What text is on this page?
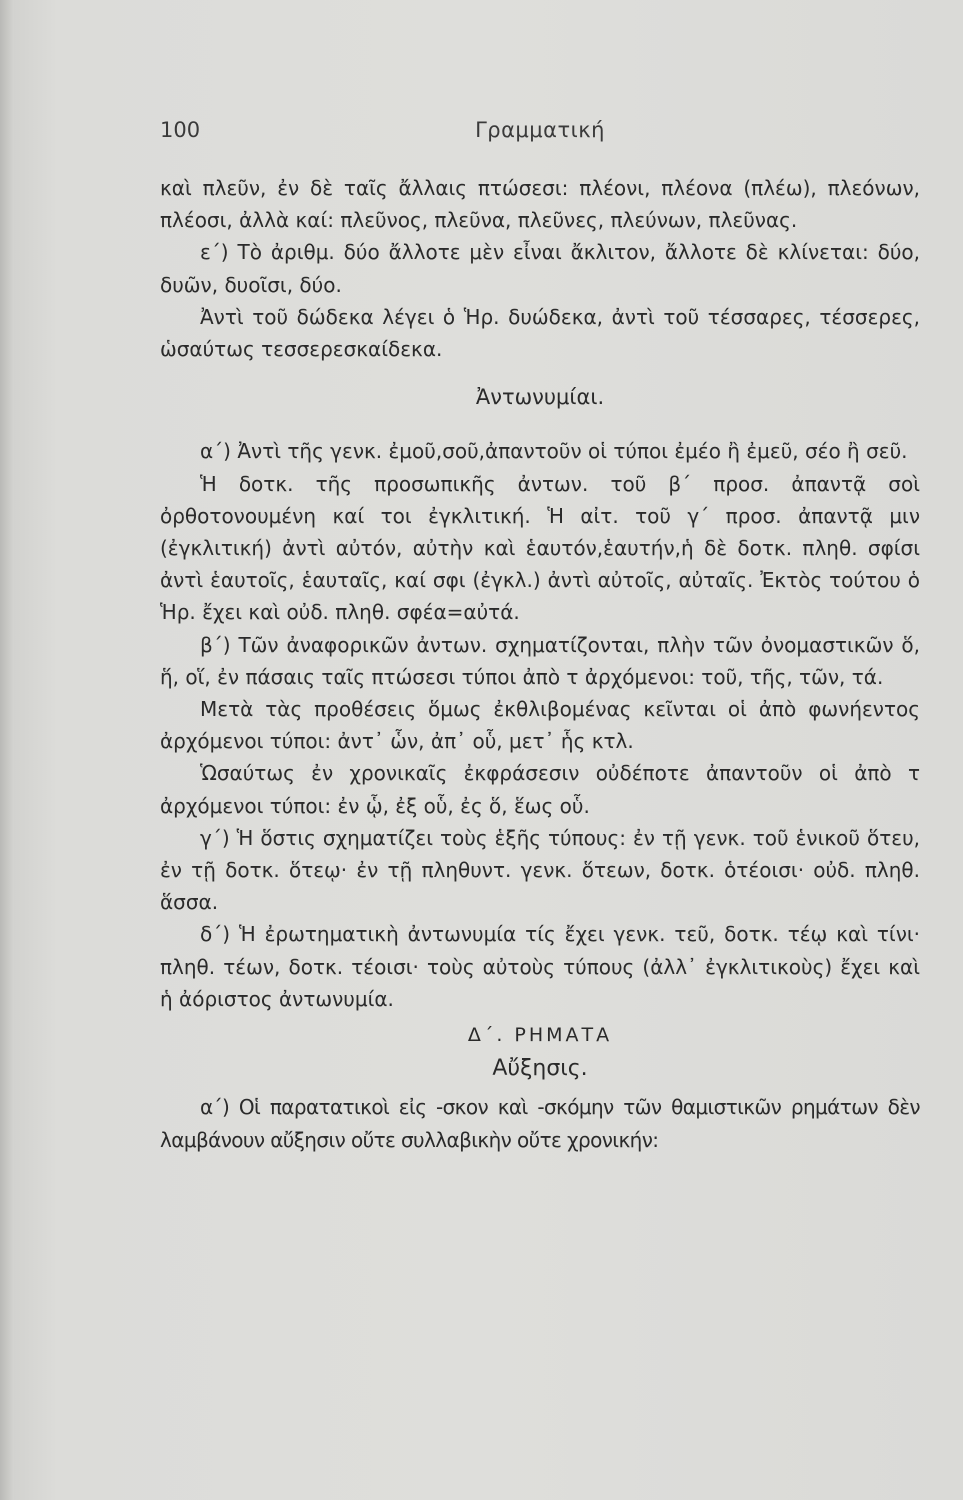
100	Γραμματική

καὶ πλεῦν, ἐν δὲ ταῖς ἄλλαις πτώσεσι: πλέονι, πλέονα (πλέω), πλεόνων, πλέοσι, ἀλλὰ καί: πλεῦνος, πλεῦνα, πλεῦνες, πλεύνων, πλεῦνας.

ε΄) Τὸ ἀριθμ. δύο ἄλλοτε μὲν εἶναι ἄκλιτον, ἄλλοτε δὲ κλίνεται: δύο, δυῶν, δυοῖσι, δύο.

Ἀντὶ τοῦ δώδεκα λέγει ὁ Ἡρ. δυώδεκα, ἀντὶ τοῦ τέσσαρες, τέσσερες, ὡσαύτως τεσσερεσκαίδεκα.

Ἀντωνυμίαι.

α΄) Ἀντὶ τῆς γενκ. ἐμοῦ,σοῦ,ἀπαντοῦν οἱ τύποι ἐμέο ἢ ἐμεῦ, σέο ἢ σεῦ.

Ἡ δοτκ. τῆς προσωπικῆς ἀντων. τοῦ β΄ προσ. ἀπαντᾷ σοὶ ὀρθοτονουμένη καί τοι ἐγκλιτική. Ἡ αἰτ. τοῦ γ΄ προσ. ἀπαντᾷ μιν (ἐγκλιτική) ἀντὶ αὐτόν, αὐτὴν καὶ ἑαυτόν,ἑαυτήν,ἡ δὲ δοτκ. πληθ. σφίσι ἀντὶ ἑαυτοῖς, ἑαυταῖς, καί σφι (ἐγκλ.) ἀντὶ αὐτοῖς, αὐταῖς. Ἐκτὸς τούτου ὁ Ἡρ. ἔχει καὶ οὐδ. πληθ. σφέα=αὐτά.

β΄) Τῶν ἀναφορικῶν ἀντων. σχηματίζονται, πλὴν τῶν ὀνομαστικῶν ὅ, ἥ, οἵ, ἐν πάσαις ταῖς πτώσεσι τύποι ἀπὸ τ ἀρχόμενοι: τοῦ, τῆς, τῶν, τά.

Μετὰ τὰς προθέσεις ὅμως ἐκθλιβομένας κεῖνται οἱ ἀπὸ φωνήεντος ἀρχόμενοι τύποι: ἀντ᾽ ὧν, ἀπ᾽ οὗ, μετ᾽ ἧς κτλ.

Ὡσαύτως ἐν χρονικαῖς ἐκφράσεσιν οὐδέποτε ἀπαντοῦν οἱ ἀπὸ τ ἀρχόμενοι τύποι: ἐν ᾧ, ἐξ οὗ, ἐς ὅ, ἕως οὗ.

γ΄) Ἡ ὅστις σχηματίζει τοὺς ἑξῆς τύπους: ἐν τῇ γενκ. τοῦ ἑνικοῦ ὅτευ, ἐν τῇ δοτκ. ὅτεῳ· ἐν τῇ πληθυντ. γενκ. ὅτεων, δοτκ. ὁτέοισι· οὐδ. πληθ. ἅσσα.

δ΄) Ἡ ἐρωτηματικὴ ἀντωνυμία τίς ἔχει γενκ. τεῦ, δοτκ. τέῳ καὶ τίνι· πληθ. τέων, δοτκ. τέοισι· τοὺς αὐτοὺς τύπους (ἀλλ᾽ ἐγκλιτικοὺς) ἔχει καὶ ἡ ἀόριστος ἀντωνυμία.

Δ΄. ΡΗΜΑΤΑ
Αὔξησις.

α΄) Οἱ παρατατικοὶ εἰς -σκον καὶ -σκόμην τῶν θαμιστικῶν ρημάτων δὲν λαμβάνουν αὔξησιν οὔτε συλλαβικὴν οὔτε χρονικήν:
